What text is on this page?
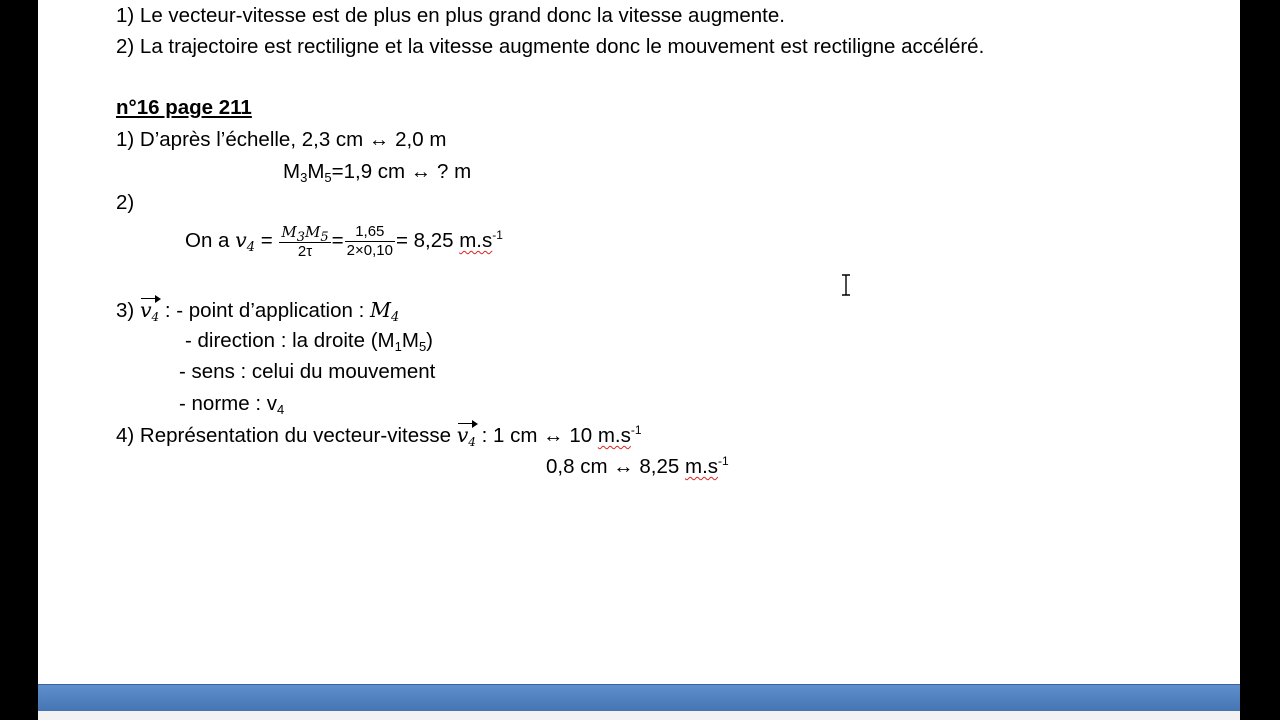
1) Le vecteur-vitesse est de plus en plus grand donc la vitesse augmente.
2) La trajectoire est rectiligne et la vitesse augmente donc le mouvement est rectiligne accéléré.
n°16 page 211
1) D’après l’échelle, 2,3 cm ↔ 2,0 m
$M_3M_5=1,9$ cm ↔ ? m
2)
On a $v_4 = \frac{M_3M_5}{2\tau} = \frac{1,65}{2\times 0,10} = 8,25$ $m.s^{-1}$
3)
$v_4$ : - point d’application : $M_4$
- direction : la droite $(M_1M_5)$
- sens : celui du mouvement
- norme : $v_4$
4) Représentation du vecteur-vitesse
$v_4$ : 1 cm ↔ 10 $m.s^{-1}$
0,8 cm ↔ 8,25 $m.s^{-1}$
